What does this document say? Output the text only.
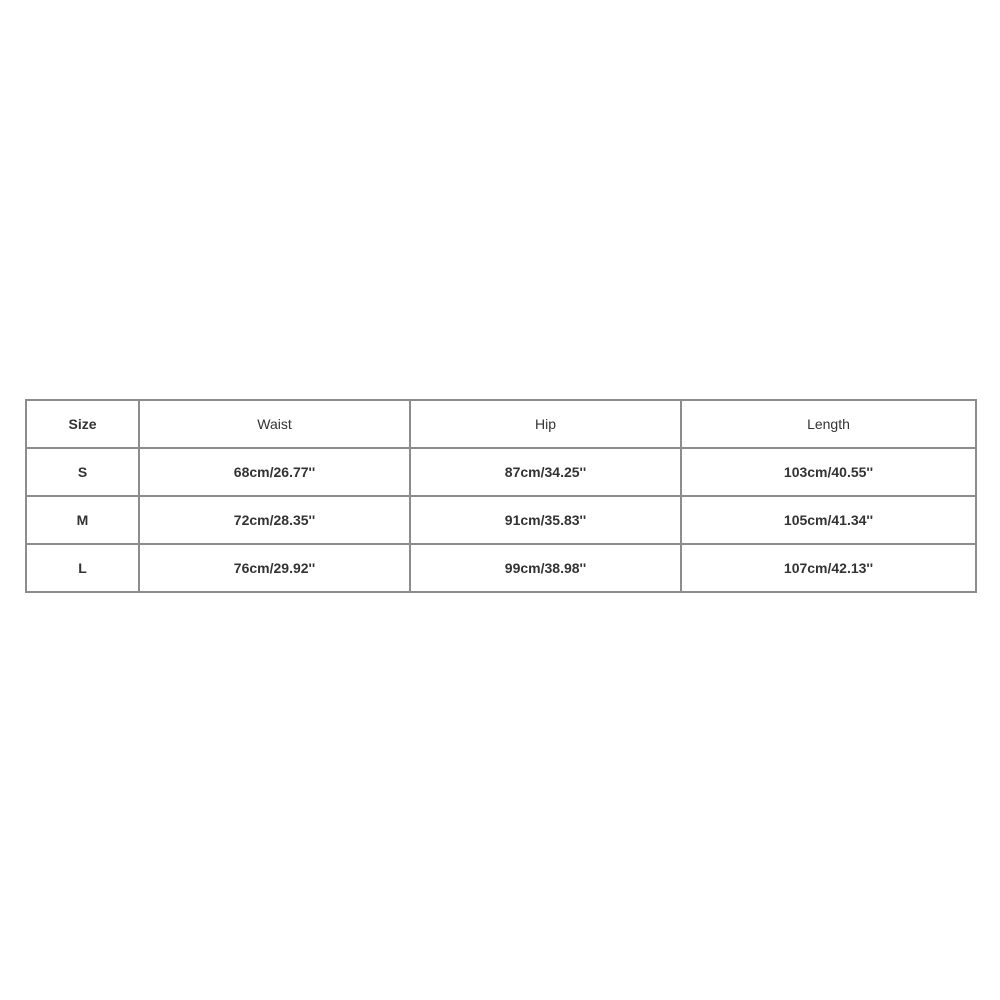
Size	Waist	Hip	Length
S	68cm/26.77''	87cm/34.25''	103cm/40.55''
M	72cm/28.35''	91cm/35.83''	105cm/41.34''
L	76cm/29.92''	99cm/38.98''	107cm/42.13''
